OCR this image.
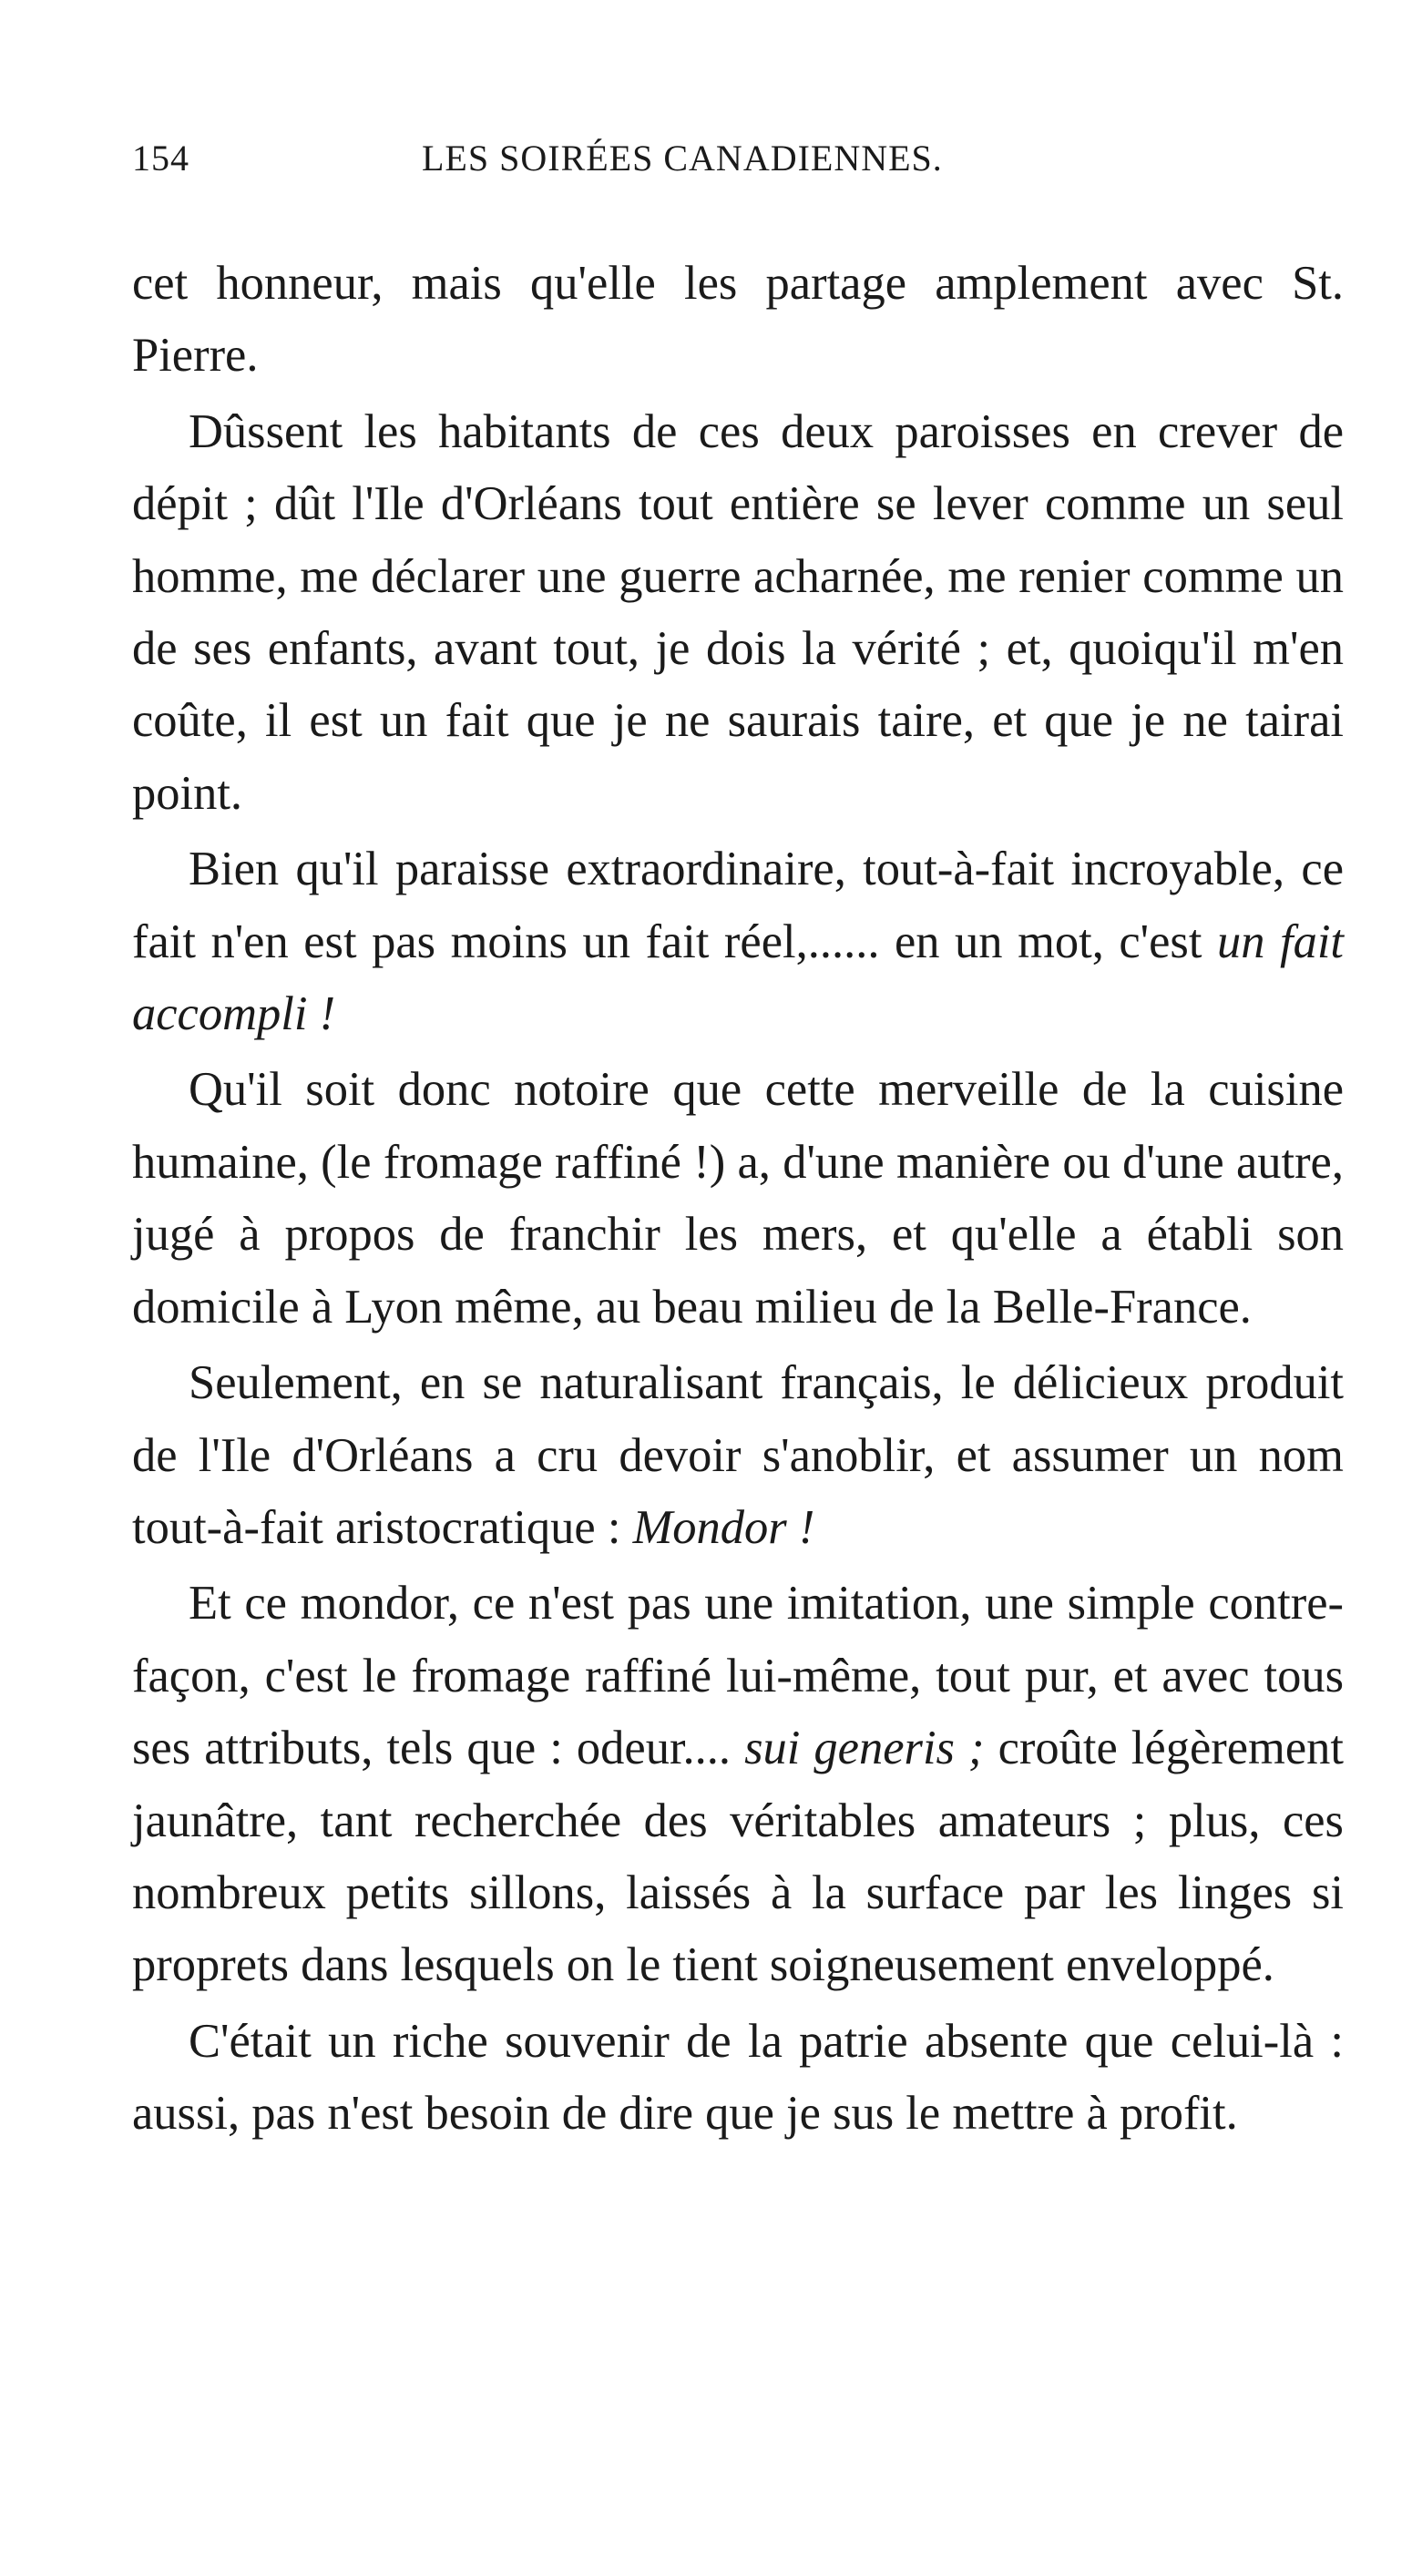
154	LES SOIRÉES CANADIENNES.

cet honneur, mais qu'elle les partage amplement avec St. Pierre.

Dûssent les habitants de ces deux paroisses en crever de dépit ; dût l'Ile d'Orléans tout entière se lever comme un seul homme, me déclarer une guerre acharnée, me renier comme un de ses enfants, avant tout, je dois la vérité ; et, quoiqu'il m'en coûte, il est un fait que je ne saurais taire, et que je ne tairai point.

Bien qu'il paraisse extraordinaire, tout-à-fait incroyable, ce fait n'en est pas moins un fait réel,...... en un mot, c'est un fait accompli !

Qu'il soit donc notoire que cette merveille de la cuisine humaine, (le fromage raffiné !) a, d'une manière ou d'une autre, jugé à propos de franchir les mers, et qu'elle a établi son domicile à Lyon même, au beau milieu de la Belle-France.

Seulement, en se naturalisant français, le délicieux produit de l'Ile d'Orléans a cru devoir s'anoblir, et assumer un nom tout-à-fait aristocratique : Mondor !

Et ce mondor, ce n'est pas une imitation, une simple contre-façon, c'est le fromage raffiné lui-même, tout pur, et avec tous ses attributs, tels que : odeur.... sui generis ; croûte légèrement jaunâtre, tant recherchée des véritables amateurs ; plus, ces nombreux petits sillons, laissés à la surface par les linges si proprets dans lesquels on le tient soigneusement enveloppé.

C'était un riche souvenir de la patrie absente que celui-là : aussi, pas n'est besoin de dire que je sus le mettre à profit.
